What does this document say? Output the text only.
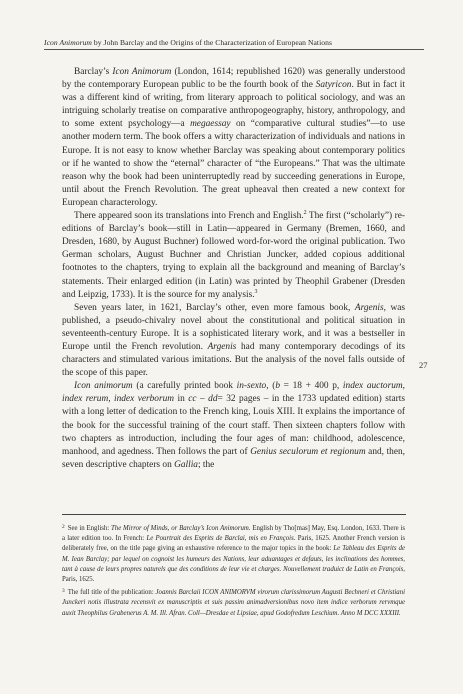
Icon Animorum by John Barclay and the Origins of the Characterization of European Nations

Barclay’s Icon Animorum (London, 1614; republished 1620) was generally understood by the contemporary European public to be the fourth book of the Satyricon. But in fact it was a different kind of writing, from literary approach to political sociology, and was an intriguing scholarly treatise on comparative anthropogeography, history, anthropology, and to some extent psychology—a megaessay on “comparative cultural studies”—to use another modern term. The book offers a witty characterization of individuals and nations in Europe. It is not easy to know whether Barclay was speaking about contemporary politics or if he wanted to show the “eternal” character of “the Europeans.” That was the ultimate reason why the book had been uninterruptedly read by succeeding generations in Europe, until about the French Revolution. The great upheaval then created a new context for European characterology.

There appeared soon its translations into French and English.$^2$ The first (“scholarly”) re-editions of Barclay’s book—still in Latin—appeared in Germany (Bremen, 1660, and Dresden, 1680, by August Buchner) followed word-for-word the original publication. Two German scholars, August Buchner and Christian Juncker, added copious additional footnotes to the chapters, trying to explain all the background and meaning of Barclay’s statements. Their enlarged edition (in Latin) was printed by Theophil Grabener (Dresden and Leipzig, 1733). It is the source for my analysis.$^3$

Seven years later, in 1621, Barclay’s other, even more famous book, Argenis, was published, a pseudo-chivalry novel about the constitutional and political situation in seventeenth-century Europe. It is a sophisticated literary work, and it was a bestseller in Europe until the French revolution. Argenis had many contemporary decodings of its characters and stimulated various imitations. But the analysis of the novel falls outside of the scope of this paper.

Icon animorum (a carefully printed book in-sexto, (b = 18 + 400 p, index auctorum, index rerum, index verborum in cc – dd= 32 pages – in the 1733 updated edition) starts with a long letter of dedication to the French king, Louis XIII. It explains the importance of the book for the successful training of the court staff. Then sixteen chapters follow with two chapters as introduction, including the four ages of man: childhood, adolescence, manhood, and agedness. Then follows the part of Genius seculorum et regionum and, then, seven descriptive chapters on Gallia; the

27

$^2$ See in English: The Mirror of Minds, or Barclay’s Icon Animorum. English by Tho[mas] May, Esq. London, 1633. There is a later edition too. In French: Le Pourtrait des Esprits de Barclai, mis en François. Paris, 1625. Another French version is deliberately free, on the title page giving an exhaustive reference to the major topics in the book: Le Tableau des Esprits de M. Iean Barclay; par lequel on cognoist les humeurs des Nations, leur aduantages et defauts, les inclinations des hommes, tant à cause de leurs propres naturels que des conditions de leur vie et charges. Nouvellement traduict de Latin en François, Paris, 1625.

$^3$ The full title of the publication: Joannis Barclaii ICON ANIMORVM virorum clarissimorum Augusti Bechneri et Christiani Junckeri notis illustrata recensvit ex manuscriptis et suis passim animadversionibus novo item indice verborum rervmque auxit Theophilus Grabenerus A. M. Ill. Afran. Coll—Dresdae et Lipsiae, apud Godofredum Leschium. Anno M DCC XXXIII.
